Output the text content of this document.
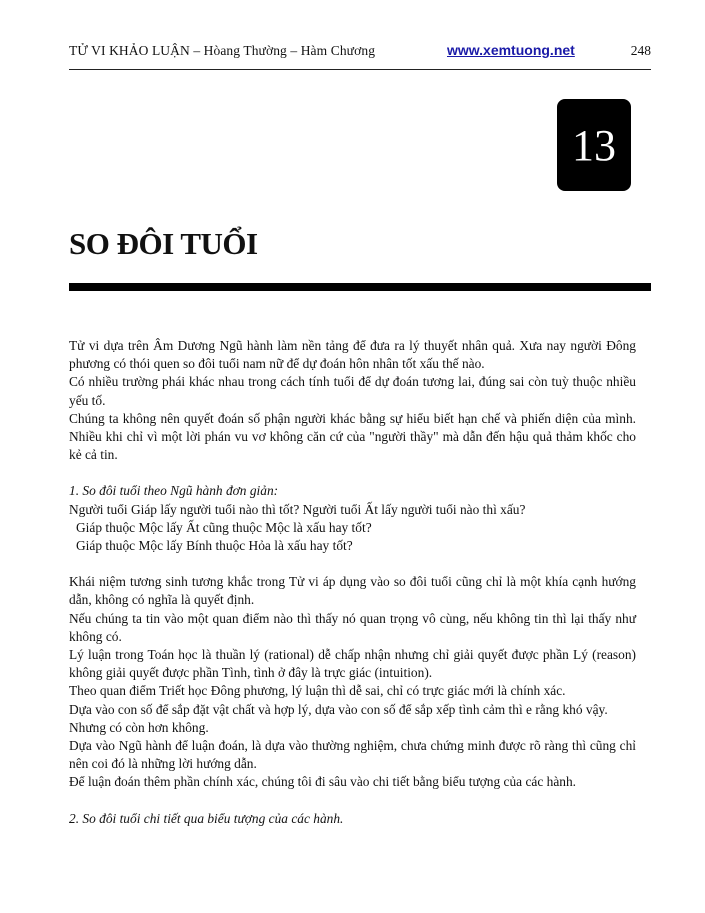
TỬ VI KHẢO LUẬN – Hòang Thường – Hàm Chương	www.xemtuong.net	248
13
SO ĐÔI TUỔI

Tử vi dựa trên Âm Dương Ngũ hành làm nền tảng để đưa ra lý thuyết nhân quả. Xưa nay người Đông phương có thói quen so đôi tuổi nam nữ để dự đoán hôn nhân tốt xấu thế nào.

Có nhiều trường phái khác nhau trong cách tính tuổi để dự đoán tương lai, đúng sai còn tuỳ thuộc nhiều yếu tố.

Chúng ta không nên quyết đoán số phận người khác bằng sự hiểu biết hạn chế và phiến diện của mình. Nhiều khi chỉ vì một lời phán vu vơ không căn cứ của "người thầy" mà dẫn đến hậu quả thảm khốc cho kẻ cả tin.

1. So đôi tuổi theo Ngũ hành đơn giản:

Người tuổi Giáp lấy người tuổi nào thì tốt? Người tuổi Ất lấy người tuổi nào thì xấu?

Giáp thuộc Mộc lấy Ất cũng thuộc Mộc là xấu hay tốt?

Giáp thuộc Mộc lấy Bính thuộc Hỏa là xấu hay tốt?

Khái niệm tương sinh tương khắc trong Tử vi áp dụng vào so đôi tuổi cũng chỉ là một khía cạnh hướng dẫn, không có nghĩa là quyết định.

Nếu chúng ta tin vào một quan điểm nào thì thấy nó quan trọng vô cùng, nếu không tin thì lại thấy như không có.

Lý luận trong Toán học là thuần lý (rational) dễ chấp nhận nhưng chỉ giải quyết được phần Lý (reason) không giải quyết được phần Tình, tình ở đây là trực giác (intuition).

Theo quan điểm Triết học Đông phương, lý luận thì dễ sai, chỉ có trực giác mới là chính xác.

Dựa vào con số để sắp đặt vật chất và hợp lý, dựa vào con số để sắp xếp tình cảm thì e rằng khó vậy.

Nhưng có còn hơn không.

Dựa vào Ngũ hành để luận đoán, là dựa vào thường nghiệm, chưa chứng minh được rõ ràng thì cũng chỉ nên coi đó là những lời hướng dẫn.

Để luận đoán thêm phần chính xác, chúng tôi đi sâu vào chi tiết bằng biểu tượng của các hành.

2. So đôi tuổi chi tiết qua biểu tượng của các hành.
